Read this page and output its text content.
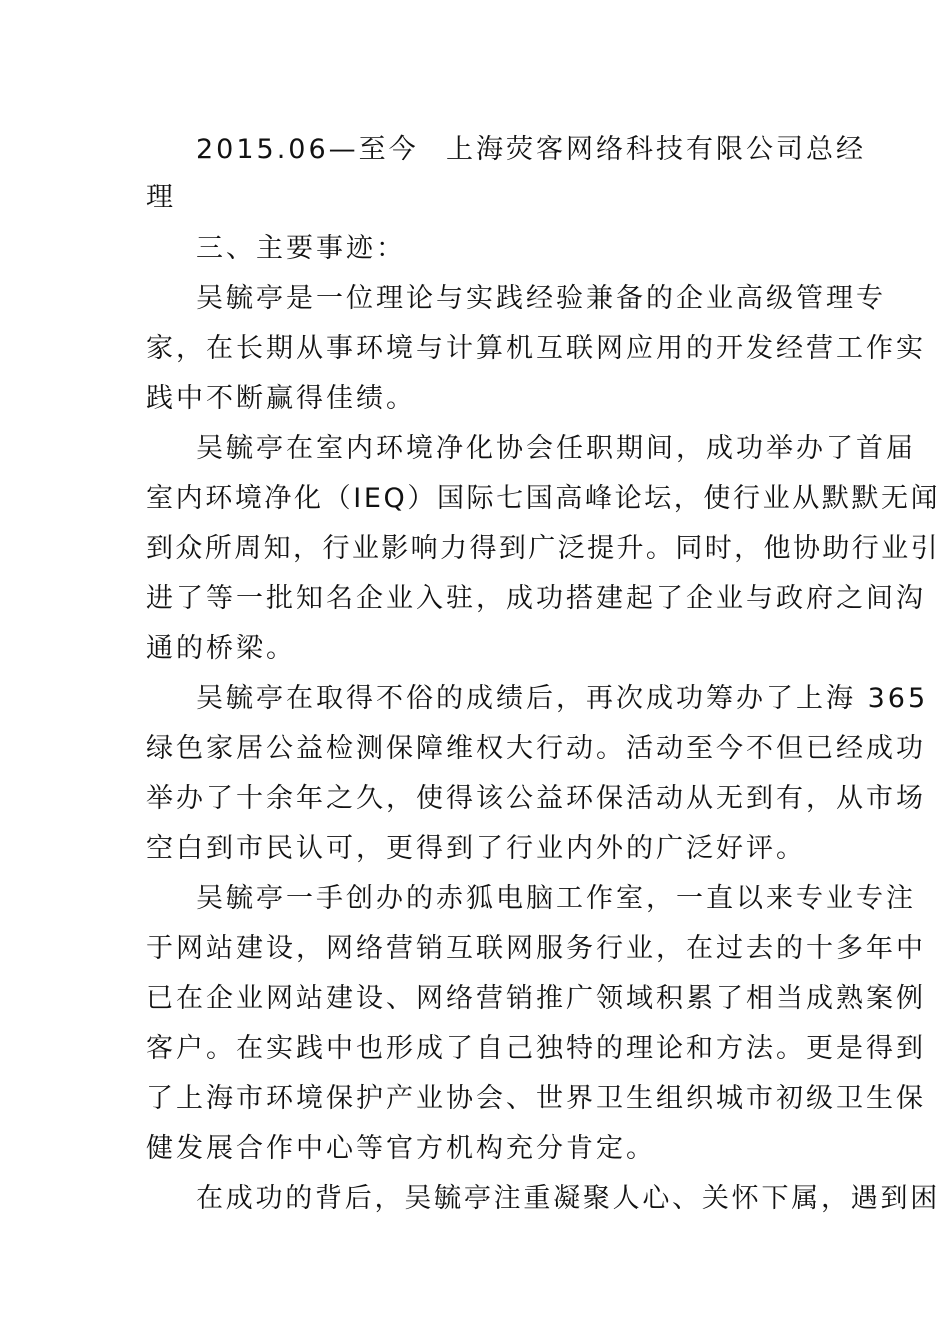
2015.06—至今 上海荧客网络科技有限公司总经
理
三、主要事迹：
吴毓亭是一位理论与实践经验兼备的企业高级管理专
家，在长期从事环境与计算机互联网应用的开发经营工作实
践中不断赢得佳绩。
吴毓亭在室内环境净化协会任职期间，成功举办了首届
室内环境净化（IEQ）国际七国高峰论坛，使行业从默默无闻
到众所周知，行业影响力得到广泛提升。同时，他协助行业引
进了等一批知名企业入驻，成功搭建起了企业与政府之间沟
通的桥梁。
吴毓亭在取得不俗的成绩后，再次成功筹办了上海 365
绿色家居公益检测保障维权大行动。活动至今不但已经成功
举办了十余年之久，使得该公益环保活动从无到有，从市场
空白到市民认可，更得到了行业内外的广泛好评。
吴毓亭一手创办的赤狐电脑工作室，一直以来专业专注
于网站建设，网络营销互联网服务行业，在过去的十多年中
已在企业网站建设、网络营销推广领域积累了相当成熟案例
客户。在实践中也形成了自己独特的理论和方法。更是得到
了上海市环境保护产业协会、世界卫生组织城市初级卫生保
健发展合作中心等官方机构充分肯定。
在成功的背后，吴毓亭注重凝聚人心、关怀下属，遇到困
